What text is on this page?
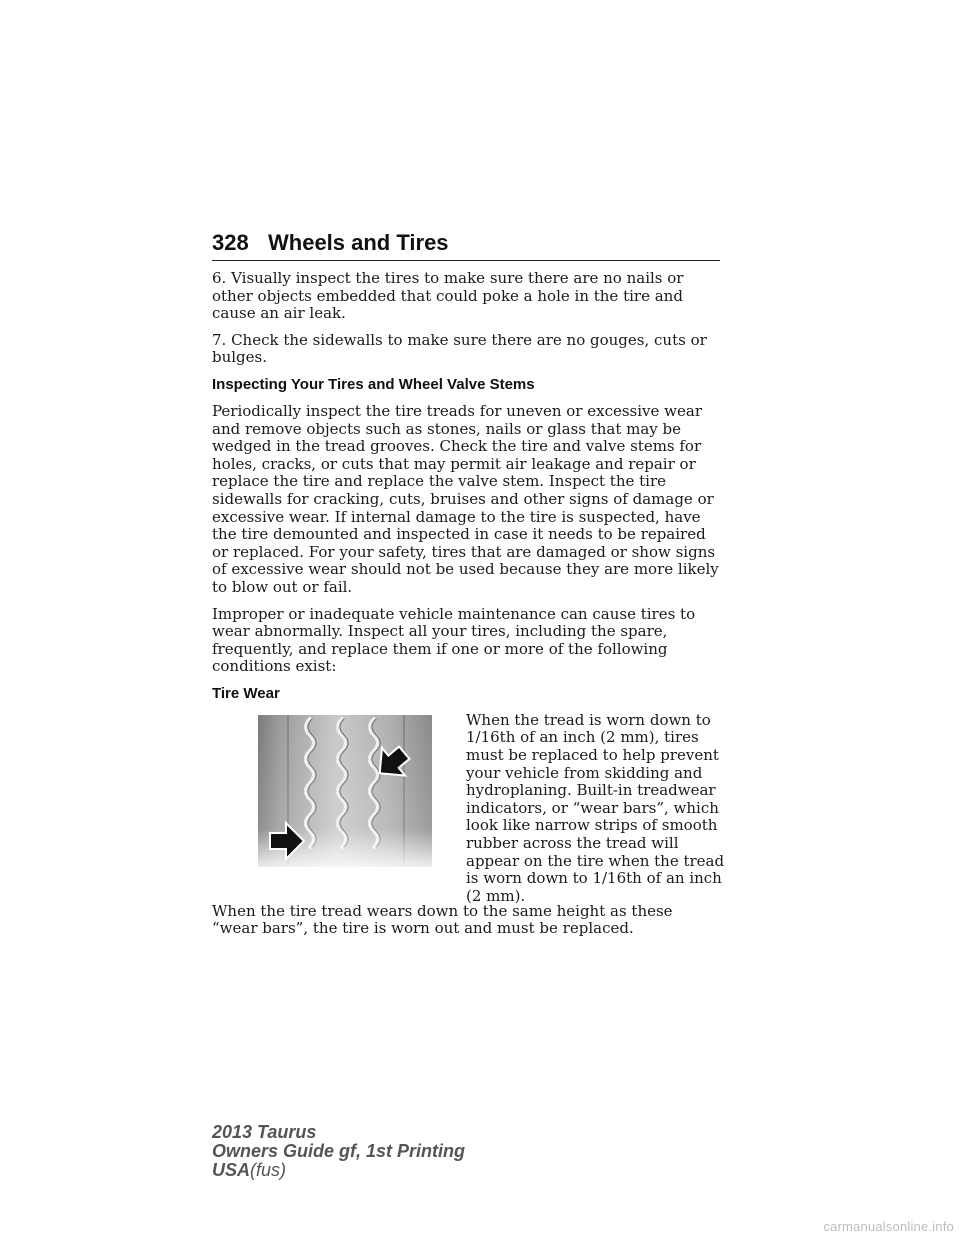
328 Wheels and Tires

6. Visually inspect the tires to make sure there are no nails or other objects embedded that could poke a hole in the tire and cause an air leak.

7. Check the sidewalls to make sure there are no gouges, cuts or bulges.

Inspecting Your Tires and Wheel Valve Stems

Periodically inspect the tire treads for uneven or excessive wear and remove objects such as stones, nails or glass that may be wedged in the tread grooves. Check the tire and valve stems for holes, cracks, or cuts that may permit air leakage and repair or replace the tire and replace the valve stem. Inspect the tire sidewalls for cracking, cuts, bruises and other signs of damage or excessive wear. If internal damage to the tire is suspected, have the tire demounted and inspected in case it needs to be repaired or replaced. For your safety, tires that are damaged or show signs of excessive wear should not be used because they are more likely to blow out or fail.

Improper or inadequate vehicle maintenance can cause tires to wear abnormally. Inspect all your tires, including the spare, frequently, and replace them if one or more of the following conditions exist:

Tire Wear
When the tread is worn down to 1/16th of an inch (2 mm), tires must be replaced to help prevent your vehicle from skidding and hydroplaning. Built-in treadwear indicators, or “wear bars”, which look like narrow strips of smooth rubber across the tread will appear on the tire when the tread is worn down to 1/16th of an inch (2 mm).

When the tire tread wears down to the same height as these “wear bars”, the tire is worn out and must be replaced.

2013 Taurus
Owners Guide gf, 1st Printing
USA(fus)
carmanualsonline.info
